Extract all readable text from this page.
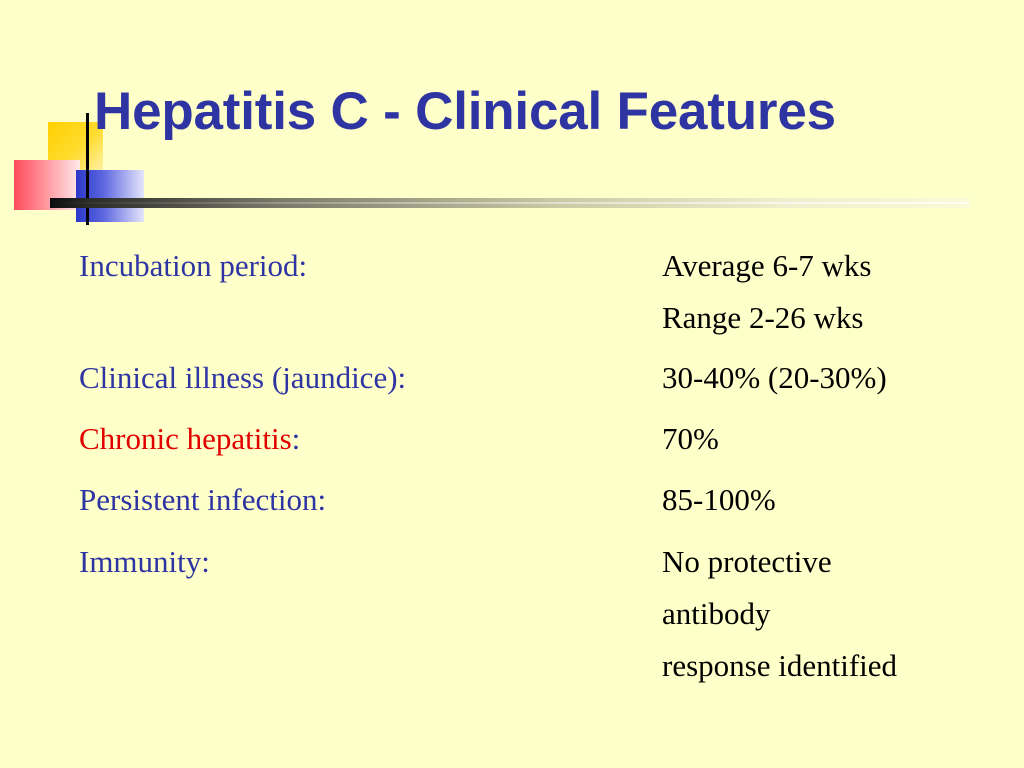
Hepatitis C - Clinical Features
Incubation period:	Average 6-7 wks
Range 2-26 wks
Clinical illness (jaundice):	30-40% (20-30%)
Chronic hepatitis:	70%
Persistent infection:	85-100%
Immunity:	No protective
antibody
response identified
